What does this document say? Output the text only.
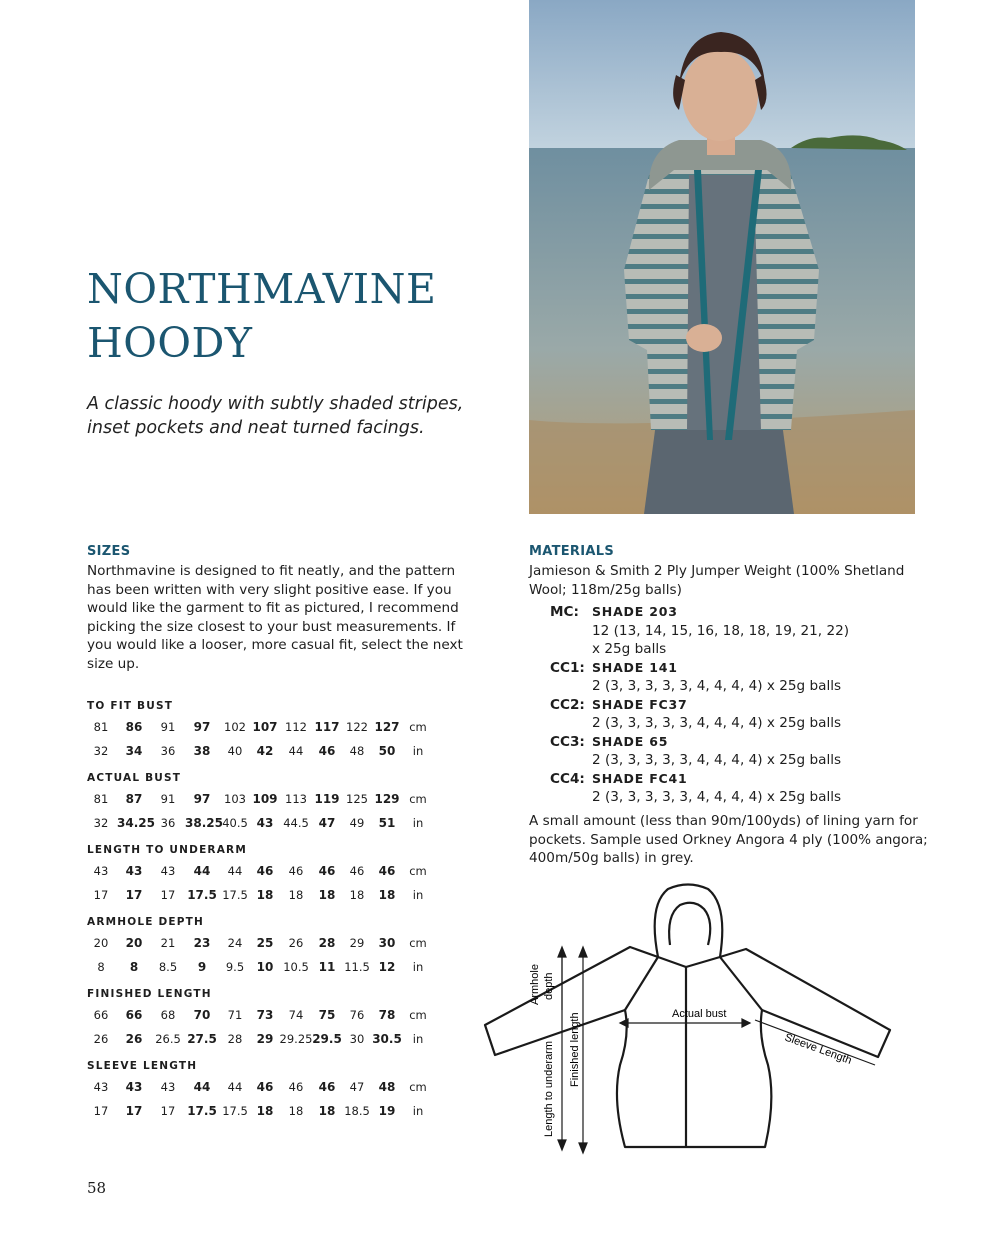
NORTHMAVINE
HOODY
A classic hoody with subtly shaded stripes,
inset pockets and neat turned facings.
SIZES

Northmavine is designed to fit neatly, and the pattern

has been written with very slight positive ease. If you

would like the garment to fit as pictured, I recommend

picking the size closest to your bust measurements. If

you would like a looser, more casual fit, select the next

size up.

TO FIT BUST
81	86	91	97	102 107 112 117 122 127 cm
32	34	36	38	40	42	44	46	48	50	in
ACTUAL BUST
81	87	91	97	103 109 113 119 125 129 cm
32 34.25 36 38.25 40.5 43 44.5 47	49	51	in
LENGTH TO UNDERARM
43	43	43	44	44	46	46	46	46	46	cm
17	17	17 17.5 17.5 18	18	18	18	18	in
ARMHOLE DEPTH
20	20	21	23	24	25	26	28	29	30	cm
8	8	8.5	9	9.5	10 10.5 11 11.5 12	in
FINISHED LENGTH
66	66	68	70	71	73	74	75	76	78	cm
26	26	26.5 27.5 28	29 29.25 29.5 30 30.5 in
SLEEVE LENGTH
43	43	43	44	44	46	46	46	47	48	cm
17	17	17 17.5 17.5 18	18	18 18.5 19	in
MATERIALS

Jamieson & Smith 2 Ply Jumper Weight (100% Shetland

Wool; 118m/25g balls)

MC: SHADE 203
12 (13, 14, 15, 16, 18, 18, 19, 21, 22)
x 25g balls
CC1: SHADE 141
2 (3, 3, 3, 3, 3, 4, 4, 4, 4) x 25g balls
CC2: SHADE FC37
2 (3, 3, 3, 3, 3, 4, 4, 4, 4) x 25g balls
CC3: SHADE 65
2 (3, 3, 3, 3, 3, 4, 4, 4, 4) x 25g balls
CC4: SHADE FC41
2 (3, 3, 3, 3, 3, 4, 4, 4, 4) x 25g balls

A small amount (less than 90m/100yds) of lining yarn for

pockets. Sample used Orkney Angora 4 ply (100% angora;

400m/50g balls) in grey.

Actual bust
Sleeve Length
Armhole depth
Finished length
Length to underarm
58
